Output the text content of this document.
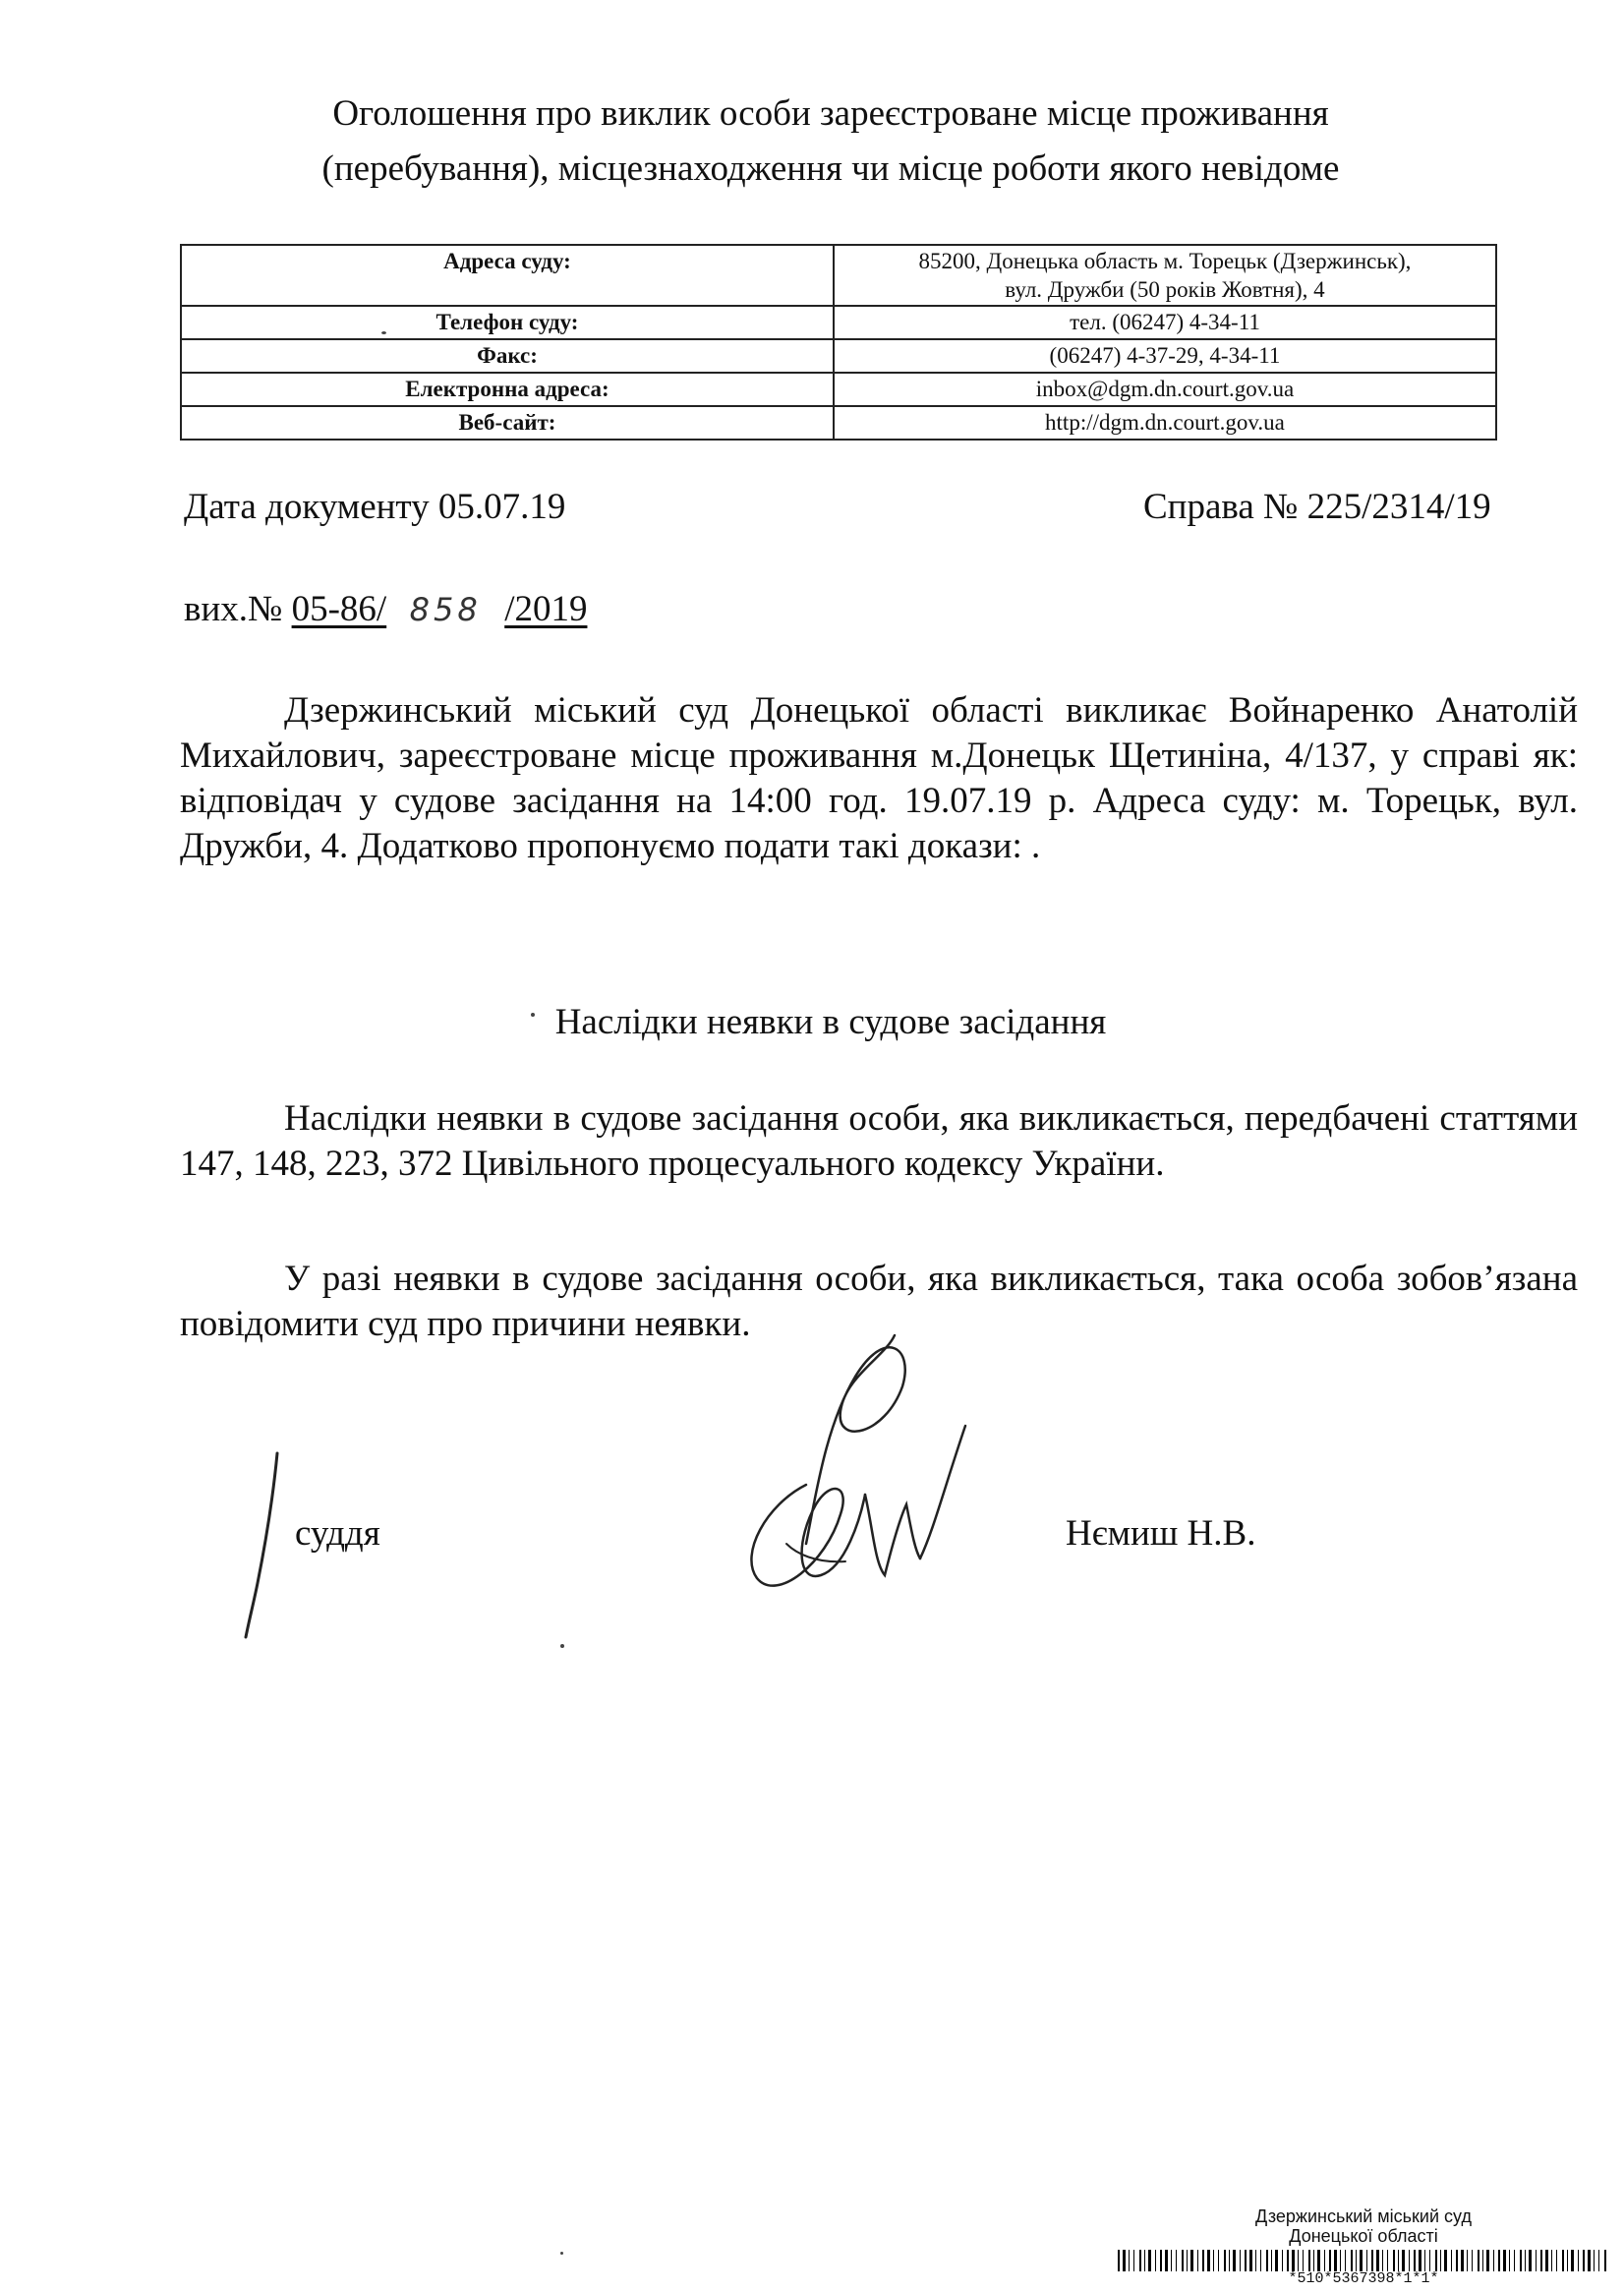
Оголошення про виклик особи зареєстроване місце проживання
(перебування), місцезнаходження чи місце роботи якого невідоме
Адреса суду:	85200, Донецька область м. Торецьк (Дзержинськ),
вул. Дружби (50 років Жовтня), 4

Телефон суду:	тел. (06247) 4-34-11
Факс:	(06247) 4-37-29, 4-34-11
Електронна адреса:	inbox@dgm.dn.court.gov.ua
Веб-сайт:	http://dgm.dn.court.gov.ua
Дата документу 05.07.19	Справа № 225/2314/19
вих.№ 05-86/ 858 /2019

Дзержинський міський суд Донецької області викликає Войнаренко Анатолій Михайлович, зареєстроване місце проживання м.Донецьк Щетиніна, 4/137, у справі як: відповідач у судове засідання на 14:00 год. 19.07.19 р. Адреса суду: м. Торецьк, вул. Дружби, 4. Додатково пропонуємо подати такі докази: .

Наслідки неявки в судове засідання

Наслідки неявки в судове засідання особи, яка викликається, передбачені статтями 147, 148, 223, 372 Цивільного процесуального кодексу України.

У разі неявки в судове засідання особи, яка викликається, така особа зобов’язана повідомити суд про причини неявки.

суддя	Нємиш Н.В.
Дзержинський міський суд
Донецької області
*510*5367398*1*1*
